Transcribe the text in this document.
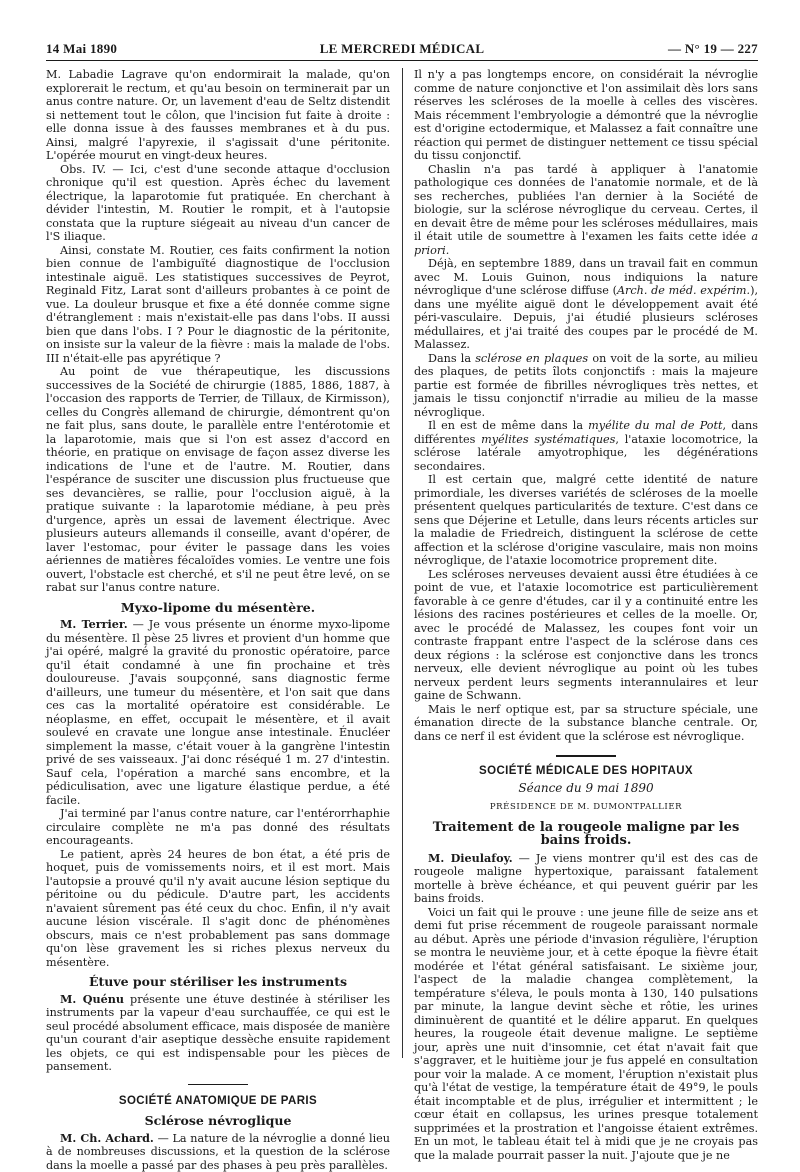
14 Mai 1890	LE MERCREDI MÉDICAL	— N° 19 — 227

M. Labadie Lagrave qu'on endormirait la malade, qu'on explorerait le rectum, et qu'au besoin on terminerait par un anus contre nature. Or, un lavement d'eau de Seltz distendit si nettement tout le côlon, que l'incision fut faite à droite : elle donna issue à des fausses membranes et à du pus. Ainsi, malgré l'apyrexie, il s'agissait d'une péritonite. L'opérée mourut en vingt-deux heures.

Obs. IV. — Ici, c'est d'une seconde attaque d'occlusion chronique qu'il est question. Après échec du lavement électrique, la laparotomie fut pratiquée. En cherchant à dévider l'intestin, M. Routier le rompit, et à l'autopsie constata que la rupture siégeait au niveau d'un cancer de l'S iliaque.

Ainsi, constate M. Routier, ces faits confirment la notion bien connue de l'ambiguïté diagnostique de l'occlusion intestinale aiguë. Les statistiques successives de Peyrot, Reginald Fitz, Larat sont d'ailleurs probantes à ce point de vue. La douleur brusque et fixe a été donnée comme signe d'étranglement : mais n'existait-elle pas dans l'obs. II aussi bien que dans l'obs. I ? Pour le diagnostic de la péritonite, on insiste sur la valeur de la fièvre : mais la malade de l'obs. III n'était-elle pas apyrétique ?

Au point de vue thérapeutique, les discussions successives de la Société de chirurgie (1885, 1886, 1887, à l'occasion des rapports de Terrier, de Tillaux, de Kirmisson), celles du Congrès allemand de chirurgie, démontrent qu'on ne fait plus, sans doute, le parallèle entre l'entérotomie et la laparotomie, mais que si l'on est assez d'accord en théorie, en pratique on envisage de façon assez diverse les indications de l'une et de l'autre. M. Routier, dans l'espérance de susciter une discussion plus fructueuse que ses devancières, se rallie, pour l'occlusion aiguë, à la pratique suivante : la laparotomie médiane, à peu près d'urgence, après un essai de lavement électrique. Avec plusieurs auteurs allemands il conseille, avant d'opérer, de laver l'estomac, pour éviter le passage dans les voies aériennes de matières fécaloïdes vomies. Le ventre une fois ouvert, l'obstacle est cherché, et s'il ne peut être levé, on se rabat sur l'anus contre nature.

Myxo-lipome du mésentère.

M. Terrier. — Je vous présente un énorme myxo-lipome du mésentère. Il pèse 25 livres et provient d'un homme que j'ai opéré, malgré la gravité du pronostic opératoire, parce qu'il était condamné à une fin prochaine et très douloureuse. J'avais soupçonné, sans diagnostic ferme d'ailleurs, une tumeur du mésentère, et l'on sait que dans ces cas la mortalité opératoire est considérable. Le néoplasme, en effet, occupait le mésentère, et il avait soulevé en cravate une longue anse intestinale. Énucléer simplement la masse, c'était vouer à la gangrène l'intestin privé de ses vaisseaux. J'ai donc réséqué 1 m. 27 d'intestin. Sauf cela, l'opération a marché sans encombre, et la pédiculisation, avec une ligature élastique perdue, a été facile.

J'ai terminé par l'anus contre nature, car l'entérorrhaphie circulaire complète ne m'a pas donné des résultats encourageants.

Le patient, après 24 heures de bon état, a été pris de hoquet, puis de vomissements noirs, et il est mort. Mais l'autopsie a prouvé qu'il n'y avait aucune lésion septique du péritoine ou du pédicule. D'autre part, les accidents n'avaient sûrement pas été ceux du choc. Enfin, il n'y avait aucune lésion viscérale. Il s'agit donc de phénomènes obscurs, mais ce n'est probablement pas sans dommage qu'on lèse gravement les si riches plexus nerveux du mésentère.

Étuve pour stériliser les instruments

M. Quénu présente une étuve destinée à stériliser les instruments par la vapeur d'eau surchauffée, ce qui est le seul procédé absolument efficace, mais disposée de manière qu'un courant d'air aseptique dessèche ensuite rapidement les objets, ce qui est indispensable pour les pièces de pansement.

SOCIÉTÉ ANATOMIQUE DE PARIS
Sclérose névroglique

M. Ch. Achard. — La nature de la névroglie a donné lieu à de nombreuses discussions, et la question de la sclérose dans la moelle a passé par des phases à peu près parallèles.

Il n'y a pas longtemps encore, on considérait la névroglie comme de nature conjonctive et l'on assimilait dès lors sans réserves les scléroses de la moelle à celles des viscères. Mais récemment l'embryologie a démontré que la névroglie est d'origine ectodermique, et Malassez a fait connaître une réaction qui permet de distinguer nettement ce tissu spécial du tissu conjonctif.

Chaslin n'a pas tardé à appliquer à l'anatomie pathologique ces données de l'anatomie normale, et de là ses recherches, publiées l'an dernier à la Société de biologie, sur la sclérose névroglique du cerveau. Certes, il en devait être de même pour les scléroses médullaires, mais il était utile de soumettre à l'examen les faits cette idée a priori.

Déjà, en septembre 1889, dans un travail fait en commun avec M. Louis Guinon, nous indiquions la nature névroglique d'une sclérose diffuse (Arch. de méd. expérim.), dans une myélite aiguë dont le développement avait été péri-vasculaire. Depuis, j'ai étudié plusieurs scléroses médullaires, et j'ai traité des coupes par le procédé de M. Malassez.

Dans la sclérose en plaques on voit de la sorte, au milieu des plaques, de petits îlots conjonctifs : mais la majeure partie est formée de fibrilles névrogliques très nettes, et jamais le tissu conjonctif n'irradie au milieu de la masse névroglique.

Il en est de même dans la myélite du mal de Pott, dans différentes myélites systématiques, l'ataxie locomotrice, la sclérose latérale amyotrophique, les dégénérations secondaires.

Il est certain que, malgré cette identité de nature primordiale, les diverses variétés de scléroses de la moelle présentent quelques particularités de texture. C'est dans ce sens que Déjerine et Letulle, dans leurs récents articles sur la maladie de Friedreich, distinguent la sclérose de cette affection et la sclérose d'origine vasculaire, mais non moins névroglique, de l'ataxie locomotrice proprement dite.

Les scléroses nerveuses devaient aussi être étudiées à ce point de vue, et l'ataxie locomotrice est particulièrement favorable à ce genre d'études, car il y a continuité entre les lésions des racines postérieures et celles de la moelle. Or, avec le procédé de Malassez, les coupes font voir un contraste frappant entre l'aspect de la sclérose dans ces deux régions : la sclérose est conjonctive dans les troncs nerveux, elle devient névroglique au point où les tubes nerveux perdent leurs segments interannulaires et leur gaine de Schwann.

Mais le nerf optique est, par sa structure spéciale, une émanation directe de la substance blanche centrale. Or, dans ce nerf il est évident que la sclérose est névroglique.

SOCIÉTÉ MÉDICALE DES HOPITAUX
Séance du 9 mai 1890
PRÉSIDENCE DE M. DUMONTPALLIER
Traitement de la rougeole maligne par les bains froids.

M. Dieulafoy. — Je viens montrer qu'il est des cas de rougeole maligne hypertoxique, paraissant fatalement mortelle à brève échéance, et qui peuvent guérir par les bains froids.

Voici un fait qui le prouve : une jeune fille de seize ans et demi fut prise récemment de rougeole paraissant normale au début. Après une période d'invasion régulière, l'éruption se montra le neuvième jour, et à cette époque la fièvre était modérée et l'état général satisfaisant. Le sixième jour, l'aspect de la maladie changea complètement, la température s'éleva, le pouls monta à 130, 140 pulsations par minute, la langue devint sèche et rôtie, les urines diminuèrent de quantité et le délire apparut. En quelques heures, la rougeole était devenue maligne. Le septième jour, après une nuit d'insomnie, cet état n'avait fait que s'aggraver, et le huitième jour je fus appelé en consultation pour voir la malade. A ce moment, l'éruption n'existait plus qu'à l'état de vestige, la température était de 49°9, le pouls était incomptable et de plus, irrégulier et intermittent ; le cœur était en collapsus, les urines presque totalement supprimées et la prostration et l'angoisse étaient extrêmes. En un mot, le tableau était tel à midi que je ne croyais pas que la malade pourrait passer la nuit. J'ajoute que je ne
